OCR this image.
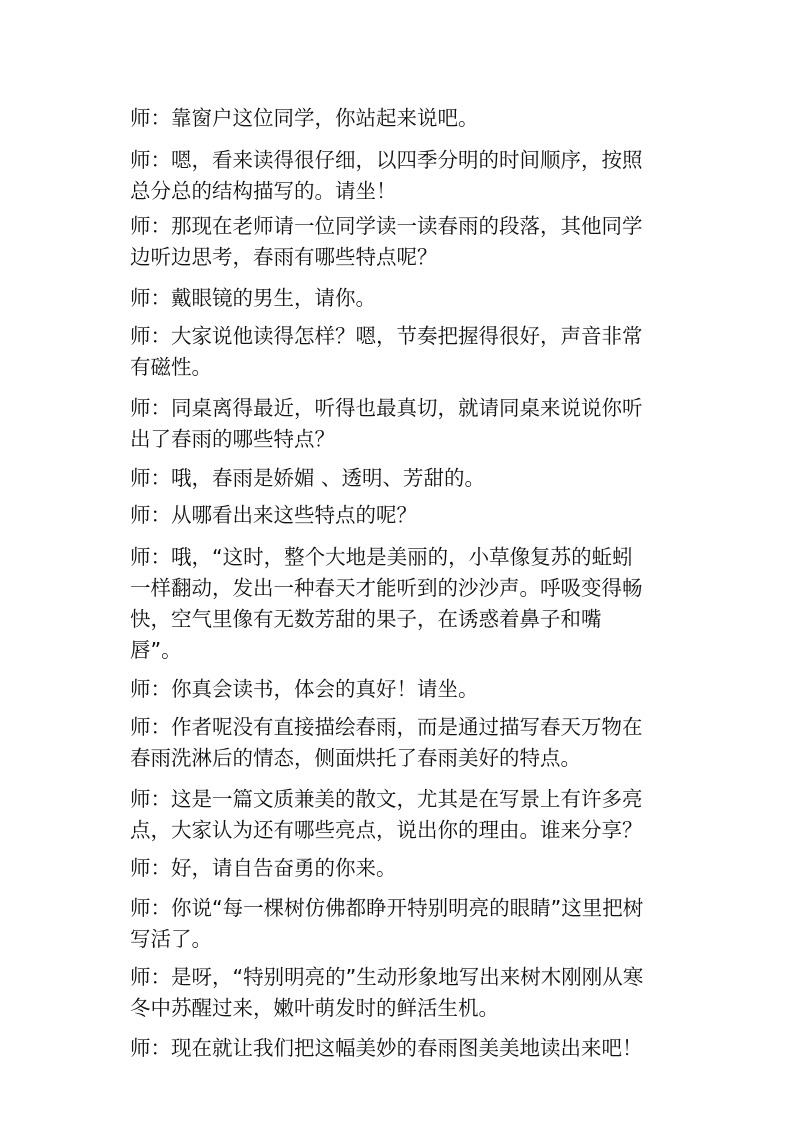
师：靠窗户这位同学，你站起来说吧。

师：嗯，看来读得很仔细，以四季分明的时间顺序，按照
总分总的结构描写的。请坐！

师：那现在老师请一位同学读一读春雨的段落，其他同学
边听边思考，春雨有哪些特点呢？

师：戴眼镜的男生，请你。

师：大家说他读得怎样？嗯，节奏把握得很好，声音非常
有磁性。

师：同桌离得最近，听得也最真切，就请同桌来说说你听
出了春雨的哪些特点？

师：哦，春雨是娇媚 、透明、芳甜的。

师：从哪看出来这些特点的呢？

师：哦，“这时，整个大地是美丽的，小草像复苏的蚯蚓
一样翻动，发出一种春天才能听到的沙沙声。呼吸变得畅
快，空气里像有无数芳甜的果子，在诱惑着鼻子和嘴
唇”。

师：你真会读书，体会的真好！请坐。

师：作者呢没有直接描绘春雨，而是通过描写春天万物在
春雨洗淋后的情态，侧面烘托了春雨美好的特点。

师：这是一篇文质兼美的散文，尤其是在写景上有许多亮
点，大家认为还有哪些亮点，说出你的理由。谁来分享？

师：好，请自告奋勇的你来。

师：你说“每一棵树仿佛都睁开特别明亮的眼睛”这里把树
写活了。

师：是呀，“特别明亮的”生动形象地写出来树木刚刚从寒
冬中苏醒过来，嫩叶萌发时的鲜活生机。

师：现在就让我们把这幅美妙的春雨图美美地读出来吧！
